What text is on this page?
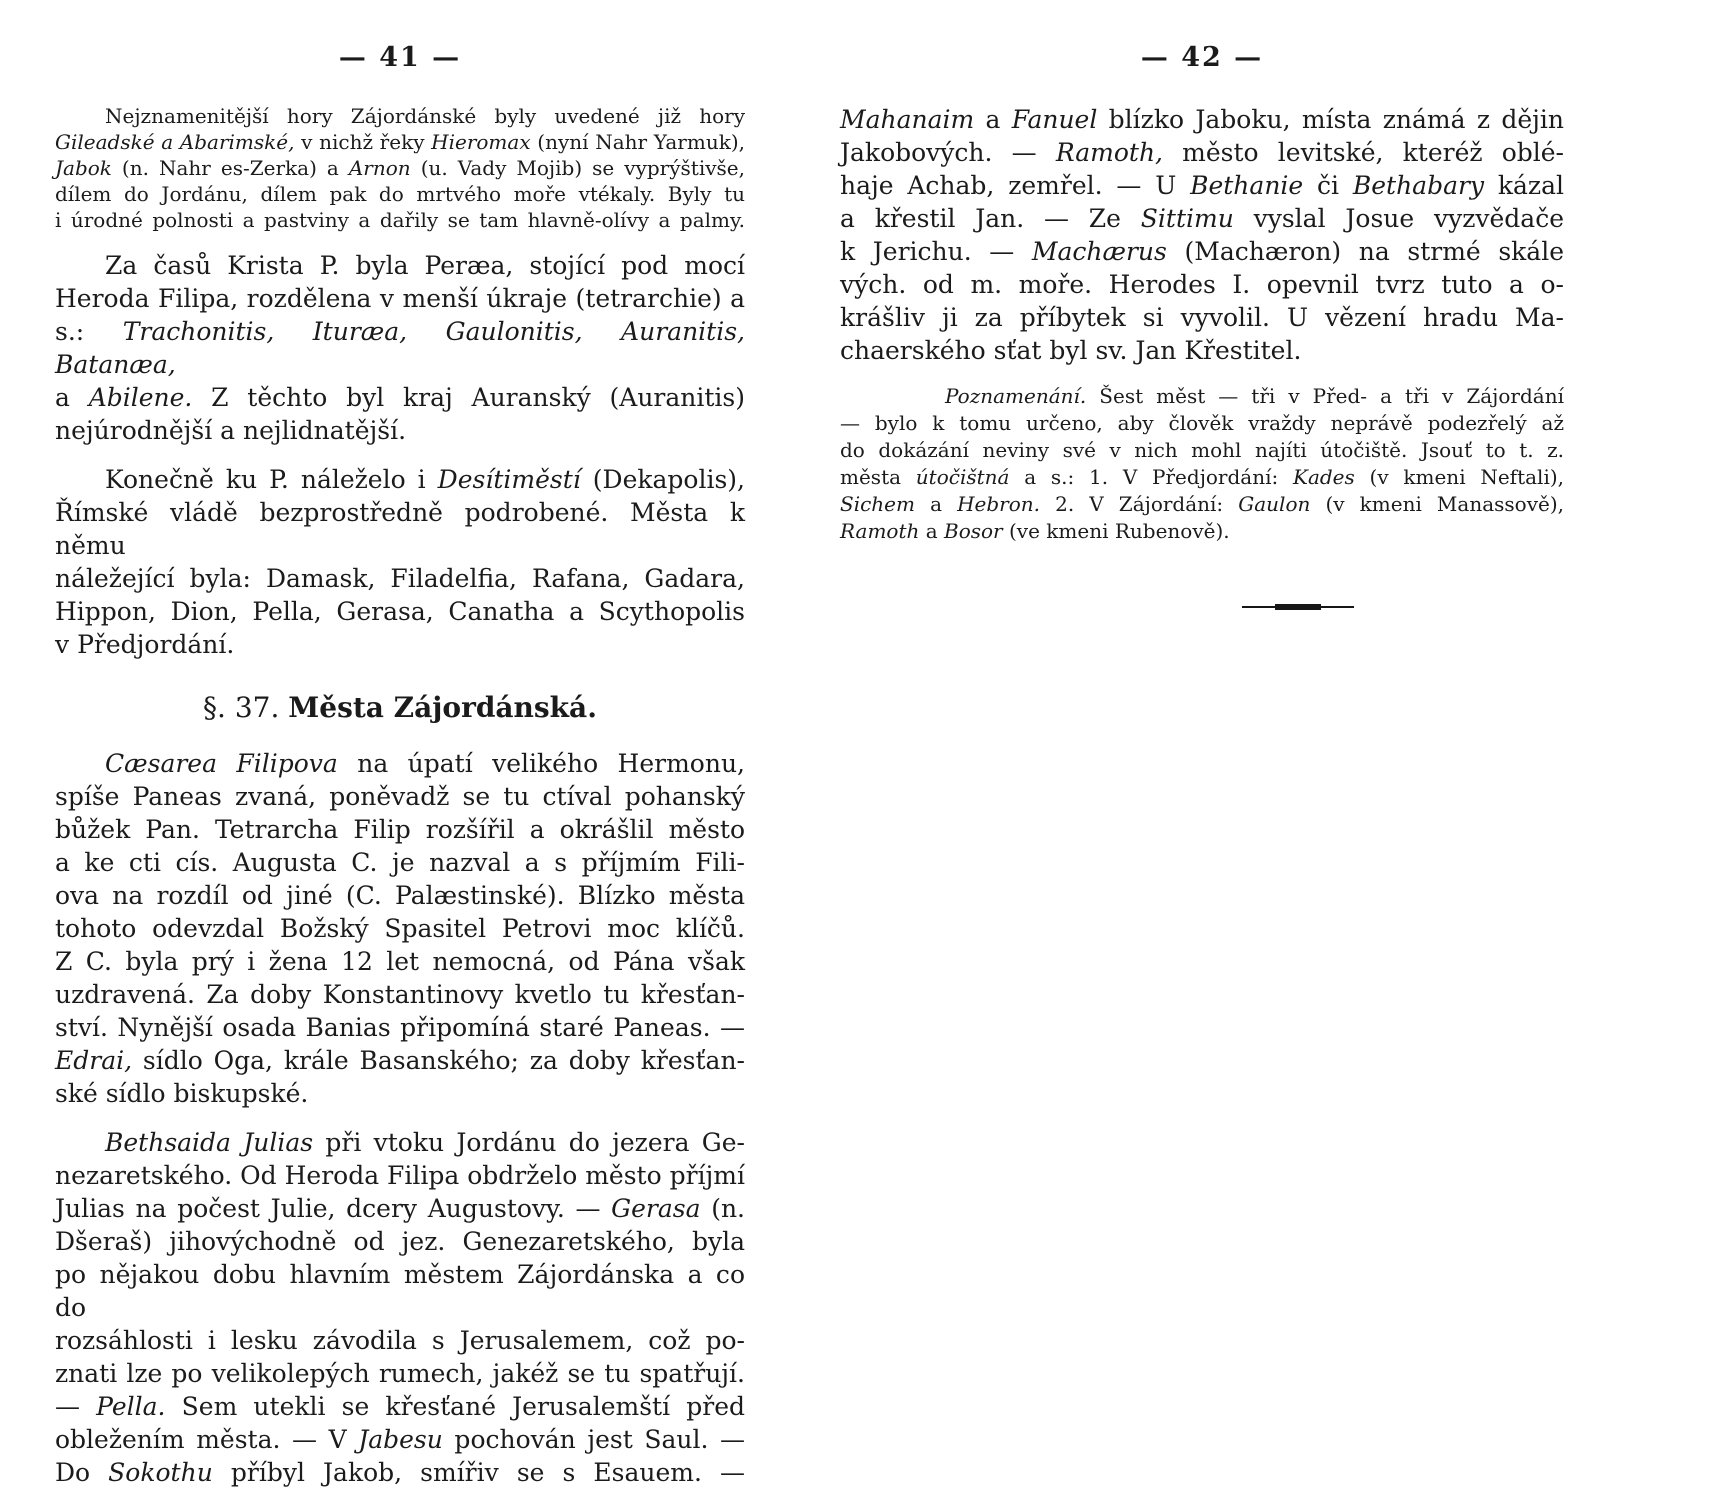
— 41 —
Nejznamenitější hory Zájordánské byly uvedené již hory
Gileadské a Abarimské, v nichž řeky Hieromax (nyní Nahr Yarmuk),
Jabok (n. Nahr es-Zerka) a Arnon (u. Vady Mojib) se vyprýštivše,
dílem do Jordánu, dílem pak do mrtvého moře vtékaly. Byly tu
i úrodné polnosti a pastviny a dařily se tam hlavně-olívy a palmy.
Za časů Krista P. byla Peræa, stojící pod mocí
Heroda Filipa, rozdělena v menší úkraje (tetrarchie) a
s.: Trachonitis, Ituræa, Gaulonitis, Auranitis, Batanæa,
a Abilene. Z těchto byl kraj Auranský (Auranitis)
nejúrodnější a nejlidnatější.
Konečně ku P. náleželo i Desítiměstí (Dekapolis),
Římské vládě bezprostředně podrobené. Města k němu
náležející byla: Damask, Filadelfia, Rafana, Gadara,
Hippon, Dion, Pella, Gerasa, Canatha a Scythopolis
v Předjordání.
§. 37. Města Zájordánská.
Cæsarea Filipova na úpatí velikého Hermonu,
spíše Paneas zvaná, poněvadž se tu ctíval pohanský
bůžek Pan. Tetrarcha Filip rozšířil a okrášlil město
a ke cti cís. Augusta C. je nazval a s příjmím Fili-
ova na rozdíl od jiné (C. Palæstinské). Blízko města
tohoto odevzdal Božský Spasitel Petrovi moc klíčů.
Z C. byla prý i žena 12 let nemocná, od Pána však
uzdravená. Za doby Konstantinovy kvetlo tu křesťan-
ství. Nynější osada Banias připomíná staré Paneas. —
Edrai, sídlo Oga, krále Basanského; za doby křesťan-
ské sídlo biskupské.
Bethsaida Julias při vtoku Jordánu do jezera Ge-
nezaretského. Od Heroda Filipa obdrželo město příjmí
Julias na počest Julie, dcery Augustovy. — Gerasa (n.
Dšeraš) jihovýchodně od jez. Genezaretského, byla
po nějakou dobu hlavním městem Zájordánska a co do
rozsáhlosti i lesku závodila s Jerusalemem, což po-
znati lze po velikolepých rumech, jakéž se tu spatřují.
— Pella. Sem utekli se křesťané Jerusalemští před
obležením města. — V Jabesu pochován jest Saul. —
Do Sokothu příbyl Jakob, smířiv se s Esauem. —
— 42 —
Mahanaim a Fanuel blízko Jaboku, místa známá z dějin
Jakobových. — Ramoth, město levitské, kteréž oblé-
haje Achab, zemřel. — U Bethanie či Bethabary kázal
a křestil Jan. — Ze Sittimu vyslal Josue vyzvědače
k Jerichu. — Machærus (Machæron) na strmé skále
vých. od m. moře. Herodes I. opevnil tvrz tuto a o-
krášliv ji za příbytek si vyvolil. U vězení hradu Ma-
chaerského sťat byl sv. Jan Křestitel.
Poznamenání. Šest měst — tři v Před- a tři v Zájordání
— bylo k tomu určeno, aby člověk vraždy neprávě podezřelý až
do dokázání neviny své v nich mohl najíti útočiště. Jsouť to t. z.
města útočištná a s.: 1. V Předjordání: Kades (v kmeni Neftali),
Sichem a Hebron. 2. V Zájordání: Gaulon (v kmeni Manassově),
Ramoth a Bosor (ve kmeni Rubenově).
